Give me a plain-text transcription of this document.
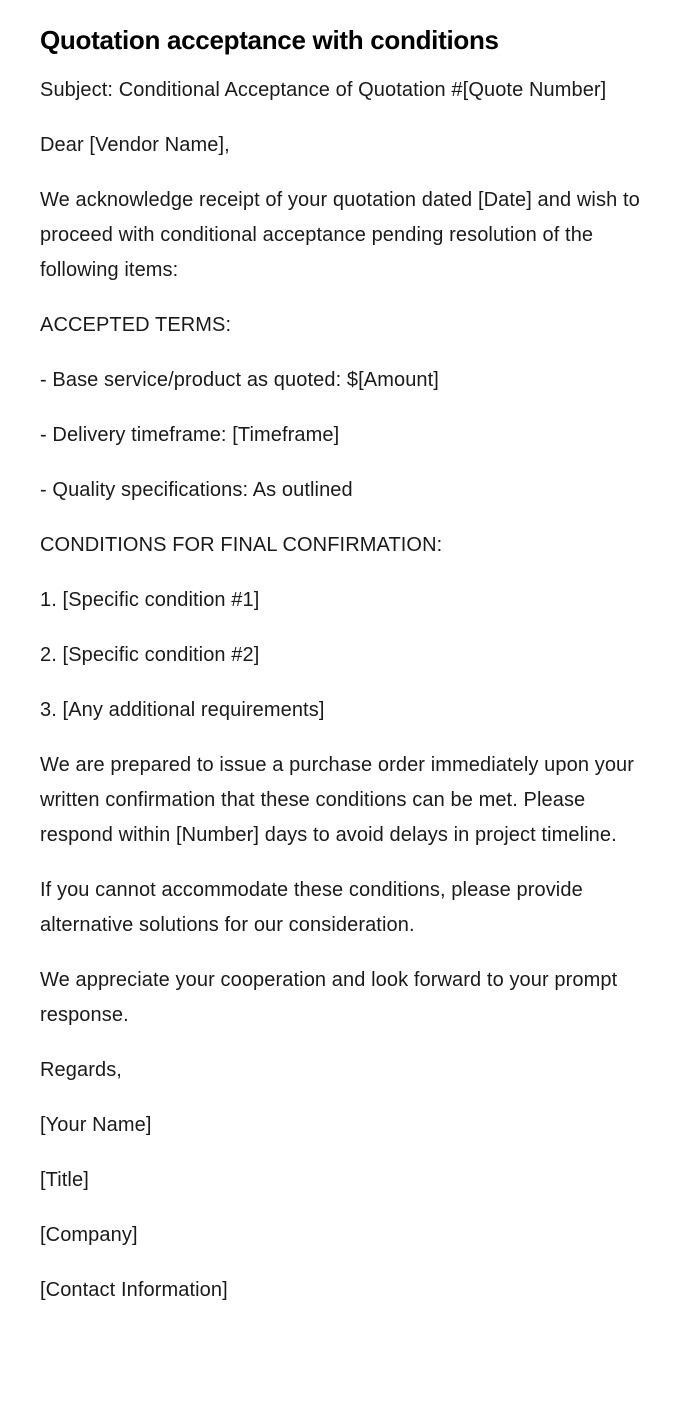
Quotation acceptance with conditions

Subject: Conditional Acceptance of Quotation #[Quote Number]

Dear [Vendor Name],

We acknowledge receipt of your quotation dated [Date] and wish to proceed with conditional acceptance pending resolution of the following items:

ACCEPTED TERMS:

- Base service/product as quoted: $[Amount]

- Delivery timeframe: [Timeframe]

- Quality specifications: As outlined

CONDITIONS FOR FINAL CONFIRMATION:

1. [Specific condition #1]

2. [Specific condition #2]

3. [Any additional requirements]

We are prepared to issue a purchase order immediately upon your written confirmation that these conditions can be met. Please respond within [Number] days to avoid delays in project timeline.

If you cannot accommodate these conditions, please provide alternative solutions for our consideration.

We appreciate your cooperation and look forward to your prompt response.

Regards,

[Your Name]

[Title]

[Company]

[Contact Information]
